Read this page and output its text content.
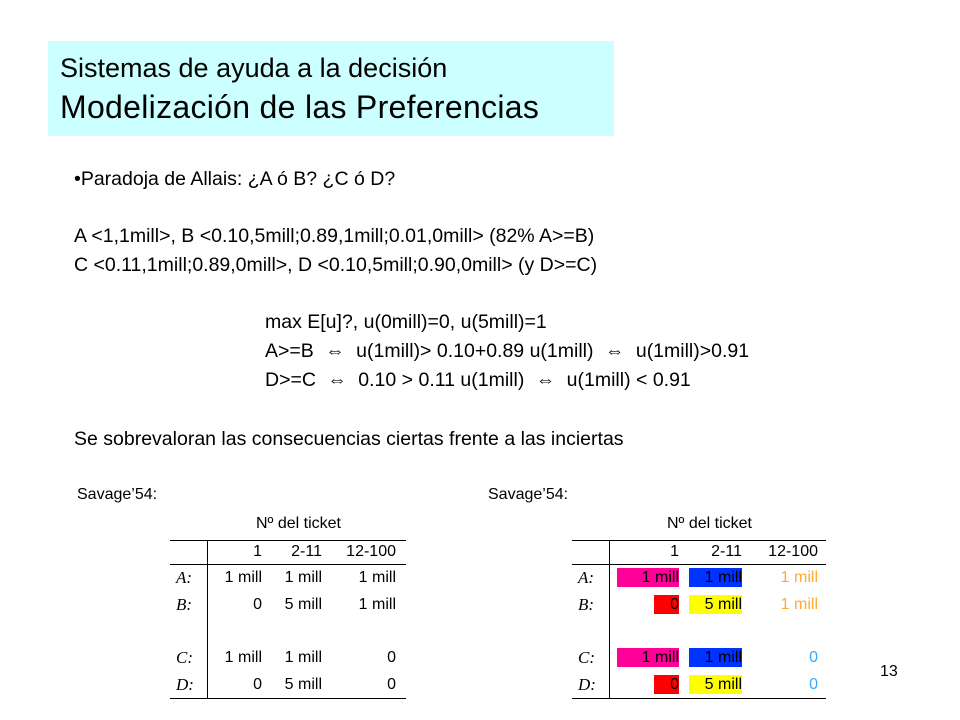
Sistemas de ayuda a la decisión
Modelización de las Preferencias
•Paradoja de Allais: ¿A ó B? ¿C ó D?
A <1,1mill>, B <0.10,5mill;0.89,1mill;0.01,0mill> (82% A>=B)
C <0.11,1mill;0.89,0mill>, D <0.10,5mill;0.90,0mill> (y D>=C)
max E[u]?, u(0mill)=0, u(5mill)=1
A>=B ⇔ u(1mill)> 0.10+0.89 u(1mill) ⇔ u(1mill)>0.91
D>=C ⇔ 0.10 > 0.11 u(1mill) ⇔ u(1mill) < 0.91
Se sobrevaloran las consecuencias ciertas frente a las inciertas
Savage’54:
Nº del ticket
1 2-11 12-100
A: 1 mill 1 mill 1 mill
B:	0 5 mill 1 mill
C: 1 mill 1 mill	0
D:	0 5 mill	0
Savage’54:
Nº del ticket
1 2-11 12-100
A:	1 mill 1 mill 1 mill
B:	0 5 mill 1 mill
C:	1 mill 1 mill	0
D:	0 5 mill	0
13
